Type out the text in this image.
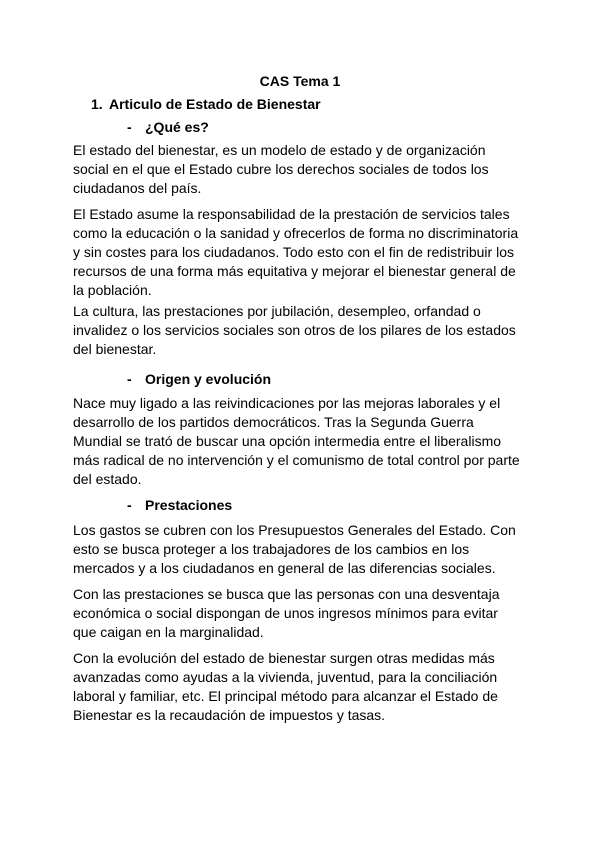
CAS Tema 1

1. Articulo de Estado de Bienestar

- ¿Qué es?

El estado del bienestar, es un modelo de estado y de organización
social en el que el Estado cubre los derechos sociales de todos los
ciudadanos del país.

El Estado asume la responsabilidad de la prestación de servicios tales
como la educación o la sanidad y ofrecerlos de forma no discriminatoria
y sin costes para los ciudadanos. Todo esto con el fin de redistribuir los
recursos de una forma más equitativa y mejorar el bienestar general de
la población.

La cultura, las prestaciones por jubilación, desempleo, orfandad o
invalidez o los servicios sociales son otros de los pilares de los estados
del bienestar.

- Origen y evolución

Nace muy ligado a las reivindicaciones por las mejoras laborales y el
desarrollo de los partidos democráticos. Tras la Segunda Guerra
Mundial se trató de buscar una opción intermedia entre el liberalismo
más radical de no intervención y el comunismo de total control por parte
del estado.

- Prestaciones

Los gastos se cubren con los Presupuestos Generales del Estado. Con
esto se busca proteger a los trabajadores de los cambios en los
mercados y a los ciudadanos en general de las diferencias sociales.

Con las prestaciones se busca que las personas con una desventaja
económica o social dispongan de unos ingresos mínimos para evitar
que caigan en la marginalidad.

Con la evolución del estado de bienestar surgen otras medidas más
avanzadas como ayudas a la vivienda, juventud, para la conciliación
laboral y familiar, etc. El principal método para alcanzar el Estado de
Bienestar es la recaudación de impuestos y tasas.
